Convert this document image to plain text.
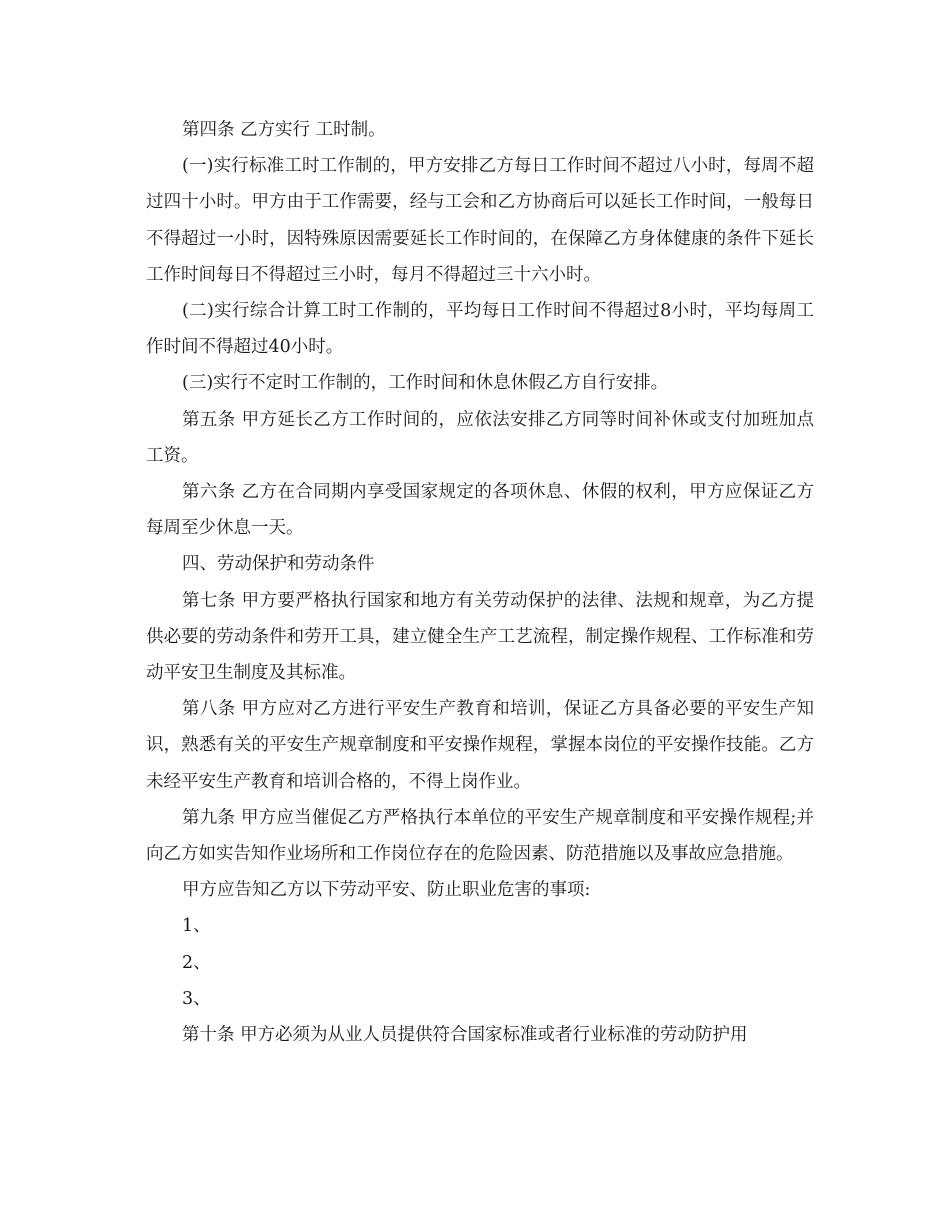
第四条 乙方实行 工时制。

(一)实行标准工时工作制的，甲方安排乙方每日工作时间不超过八小时，每周不超过四十小时。甲方由于工作需要，经与工会和乙方协商后可以延长工作时间，一般每日不得超过一小时，因特殊原因需要延长工作时间的，在保障乙方身体健康的条件下延长工作时间每日不得超过三小时，每月不得超过三十六小时。

(二)实行综合计算工时工作制的，平均每日工作时间不得超过8小时，平均每周工作时间不得超过40小时。

(三)实行不定时工作制的，工作时间和休息休假乙方自行安排。

第五条 甲方延长乙方工作时间的，应依法安排乙方同等时间补休或支付加班加点工资。

第六条 乙方在合同期内享受国家规定的各项休息、休假的权利，甲方应保证乙方每周至少休息一天。

四、劳动保护和劳动条件

第七条 甲方要严格执行国家和地方有关劳动保护的法律、法规和规章，为乙方提供必要的劳动条件和劳开工具，建立健全生产工艺流程，制定操作规程、工作标准和劳动平安卫生制度及其标准。

第八条 甲方应对乙方进行平安生产教育和培训，保证乙方具备必要的平安生产知识，熟悉有关的平安生产规章制度和平安操作规程，掌握本岗位的平安操作技能。乙方未经平安生产教育和培训合格的，不得上岗作业。

第九条 甲方应当催促乙方严格执行本单位的平安生产规章制度和平安操作规程;并向乙方如实告知作业场所和工作岗位存在的危险因素、防范措施以及事故应急措施。

甲方应告知乙方以下劳动平安、防止职业危害的事项:

1、

2、

3、

第十条 甲方必须为从业人员提供符合国家标准或者行业标准的劳动防护用
